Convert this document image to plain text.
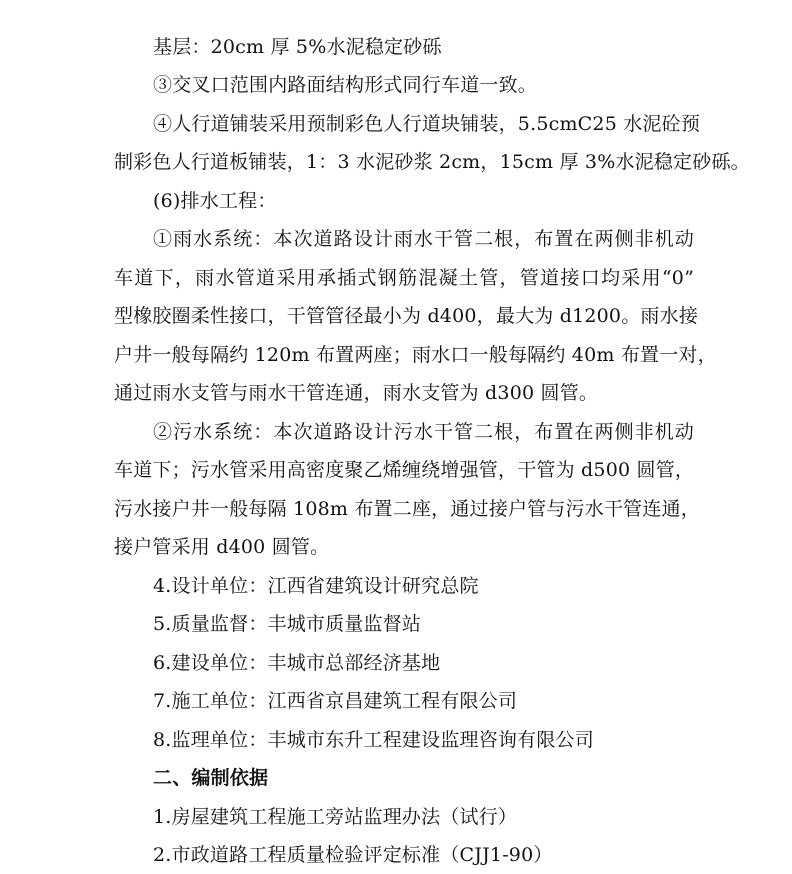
基层：20cm 厚 5%水泥稳定砂砾
③交叉口范围内路面结构形式同行车道一致。
④人行道铺装采用预制彩色人行道块铺装，5.5cmC25 水泥砼预
制彩色人行道板铺装，1：3 水泥砂浆 2cm，15cm 厚 3%水泥稳定砂砾。
(6)排水工程：
①雨水系统：本次道路设计雨水干管二根，布置在两侧非机动
车道下，雨水管道采用承插式钢筋混凝土管，管道接口均采用“0”
型橡胶圈柔性接口，干管管径最小为 d400，最大为 d1200。雨水接
户井一般每隔约 120m 布置两座；雨水口一般每隔约 40m 布置一对，
通过雨水支管与雨水干管连通，雨水支管为 d300 圆管。
②污水系统：本次道路设计污水干管二根，布置在两侧非机动
车道下；污水管采用高密度聚乙烯缠绕增强管，干管为 d500 圆管，
污水接户井一般每隔 108m 布置二座，通过接户管与污水干管连通，
接户管采用 d400 圆管。
4.设计单位：江西省建筑设计研究总院
5.质量监督：丰城市质量监督站
6.建设单位：丰城市总部经济基地
7.施工单位：江西省京昌建筑工程有限公司
8.监理单位：丰城市东升工程建设监理咨询有限公司
二、编制依据
1.房屋建筑工程施工旁站监理办法（试行）
2.市政道路工程质量检验评定标准（CJJ1-90）
